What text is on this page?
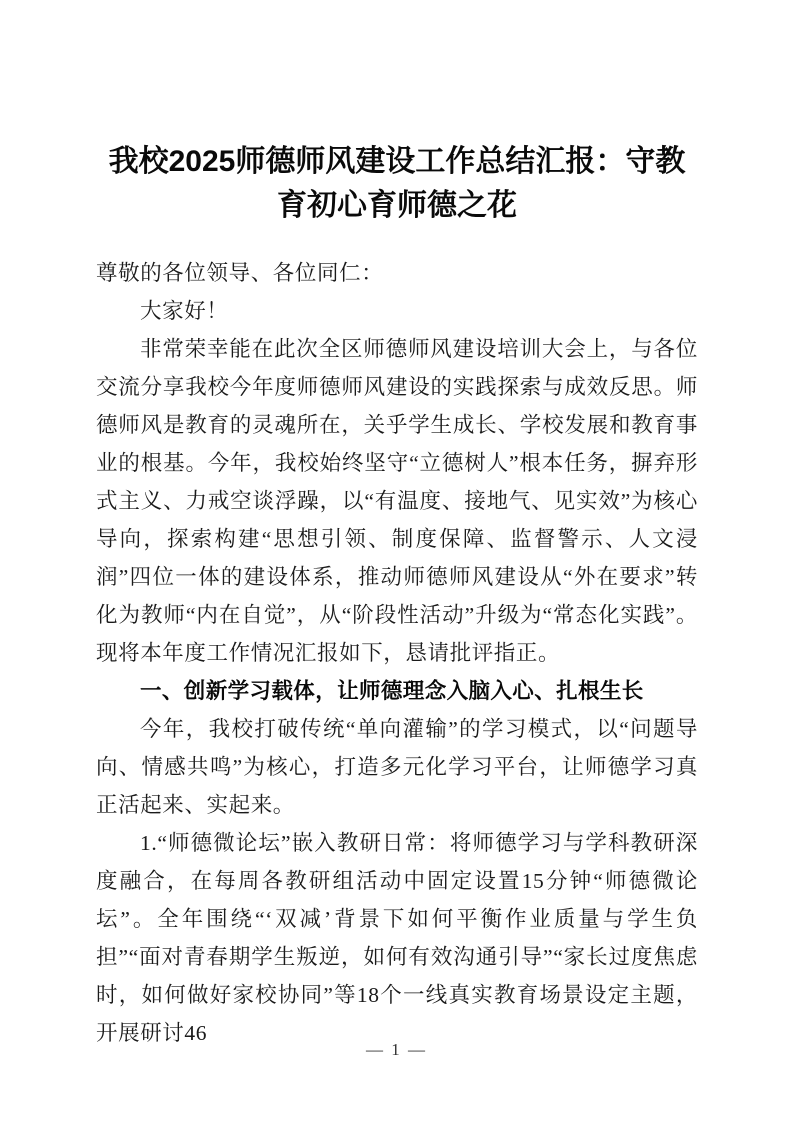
我校2025师德师风建设工作总结汇报：守教育初心育师德之花

尊敬的各位领导、各位同仁：

大家好！

非常荣幸能在此次全区师德师风建设培训大会上，与各位交流分享我校今年度师德师风建设的实践探索与成效反思。师德师风是教育的灵魂所在，关乎学生成长、学校发展和教育事业的根基。今年，我校始终坚守“立德树人”根本任务，摒弃形式主义、力戒空谈浮躁，以“有温度、接地气、见实效”为核心导向，探索构建“思想引领、制度保障、监督警示、人文浸润”四位一体的建设体系，推动师德师风建设从“外在要求”转化为教师“内在自觉”，从“阶段性活动”升级为“常态化实践”。现将本年度工作情况汇报如下，恳请批评指正。

一、创新学习载体，让师德理念入脑入心、扎根生长

今年，我校打破传统“单向灌输”的学习模式，以“问题导向、情感共鸣”为核心，打造多元化学习平台，让师德学习真正活起来、实起来。

1.“师德微论坛”嵌入教研日常：将师德学习与学科教研深度融合，在每周各教研组活动中固定设置15分钟“师德微论坛”。全年围绕“‘双减’背景下如何平衡作业质量与学生负担”“面对青春期学生叛逆，如何有效沟通引导”“家长过度焦虑时，如何做好家校协同”等18个一线真实教育场景设定主题，开展研讨46

— 1 —
